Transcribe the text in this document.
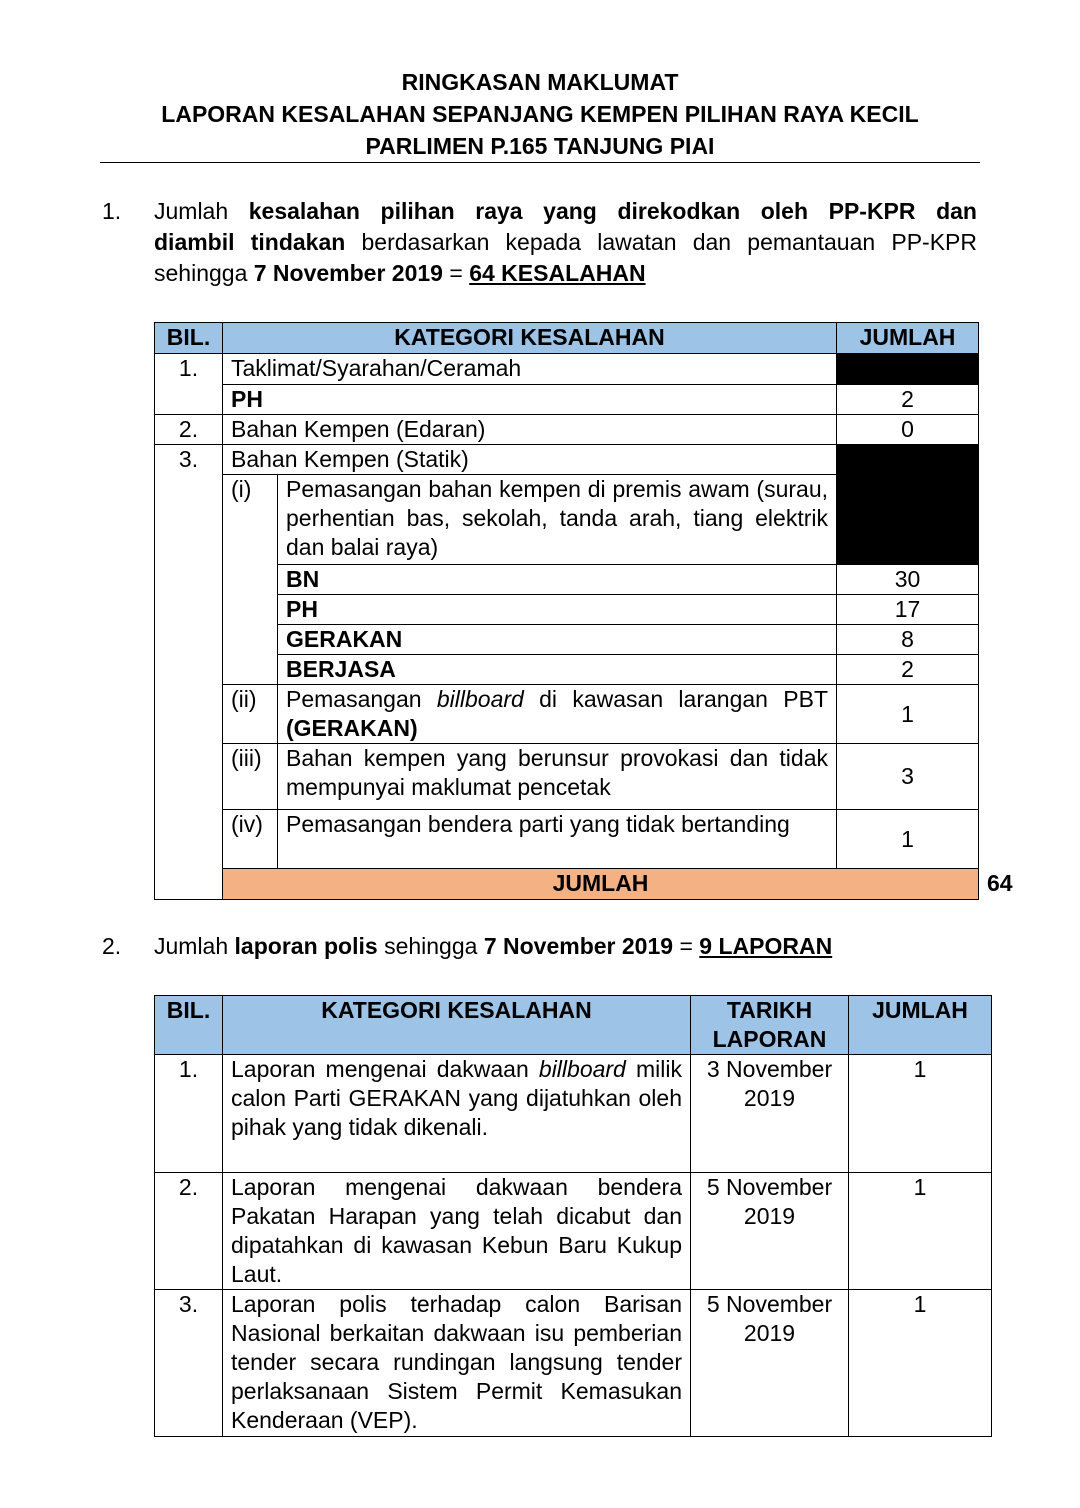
RINGKASAN MAKLUMAT
LAPORAN KESALAHAN SEPANJANG KEMPEN PILIHAN RAYA KECIL
PARLIMEN P.165 TANJUNG PIAI
1. Jumlah kesalahan pilihan raya yang direkodkan oleh PP-KPR dan
diambil tindakan berdasarkan kepada lawatan dan pemantauan PP-KPR
sehingga 7 November 2019 = 64 KESALAHAN
BIL.	KATEGORI KESALAHAN		JUMLAH	
1.	Taklimat/Syarahan/Ceramah			
	PH		2	
2.	Bahan Kempen (Edaran)		0	
3.	Bahan Kempen (Statik)			
	(i)	Pemasangan bahan kempen di premis awam (surau, perhentian bas, sekolah, tanda arah, tiang elektrik dan balai raya)		
		BN	30	
		PH	17	
		GERAKAN	8	
		BERJASA	2	
	(ii)	Pemasangan billboard di kawasan larangan PBT (GERAKAN)	1	
	(iii)	Bahan kempen yang berunsur provokasi dan tidak mempunyai maklumat pencetak	3	
	(iv)	Pemasangan bendera parti yang tidak bertanding	1	
	JUMLAH			64
2. Jumlah laporan polis sehingga 7 November 2019 = 9 LAPORAN
BIL.	KATEGORI KESALAHAN	TARIKH LAPORAN	JUMLAH
1.	Laporan mengenai dakwaan billboard milik calon Parti GERAKAN yang dijatuhkan oleh pihak yang tidak dikenali.	3 November 2019	1
2.	Laporan mengenai dakwaan bendera Pakatan Harapan yang telah dicabut dan dipatahkan di kawasan Kebun Baru Kukup Laut.	5 November 2019	1
3.	Laporan polis terhadap calon Barisan Nasional berkaitan dakwaan isu pemberian tender secara rundingan langsung tender perlaksanaan Sistem Permit Kemasukan Kenderaan (VEP).	5 November 2019	1
